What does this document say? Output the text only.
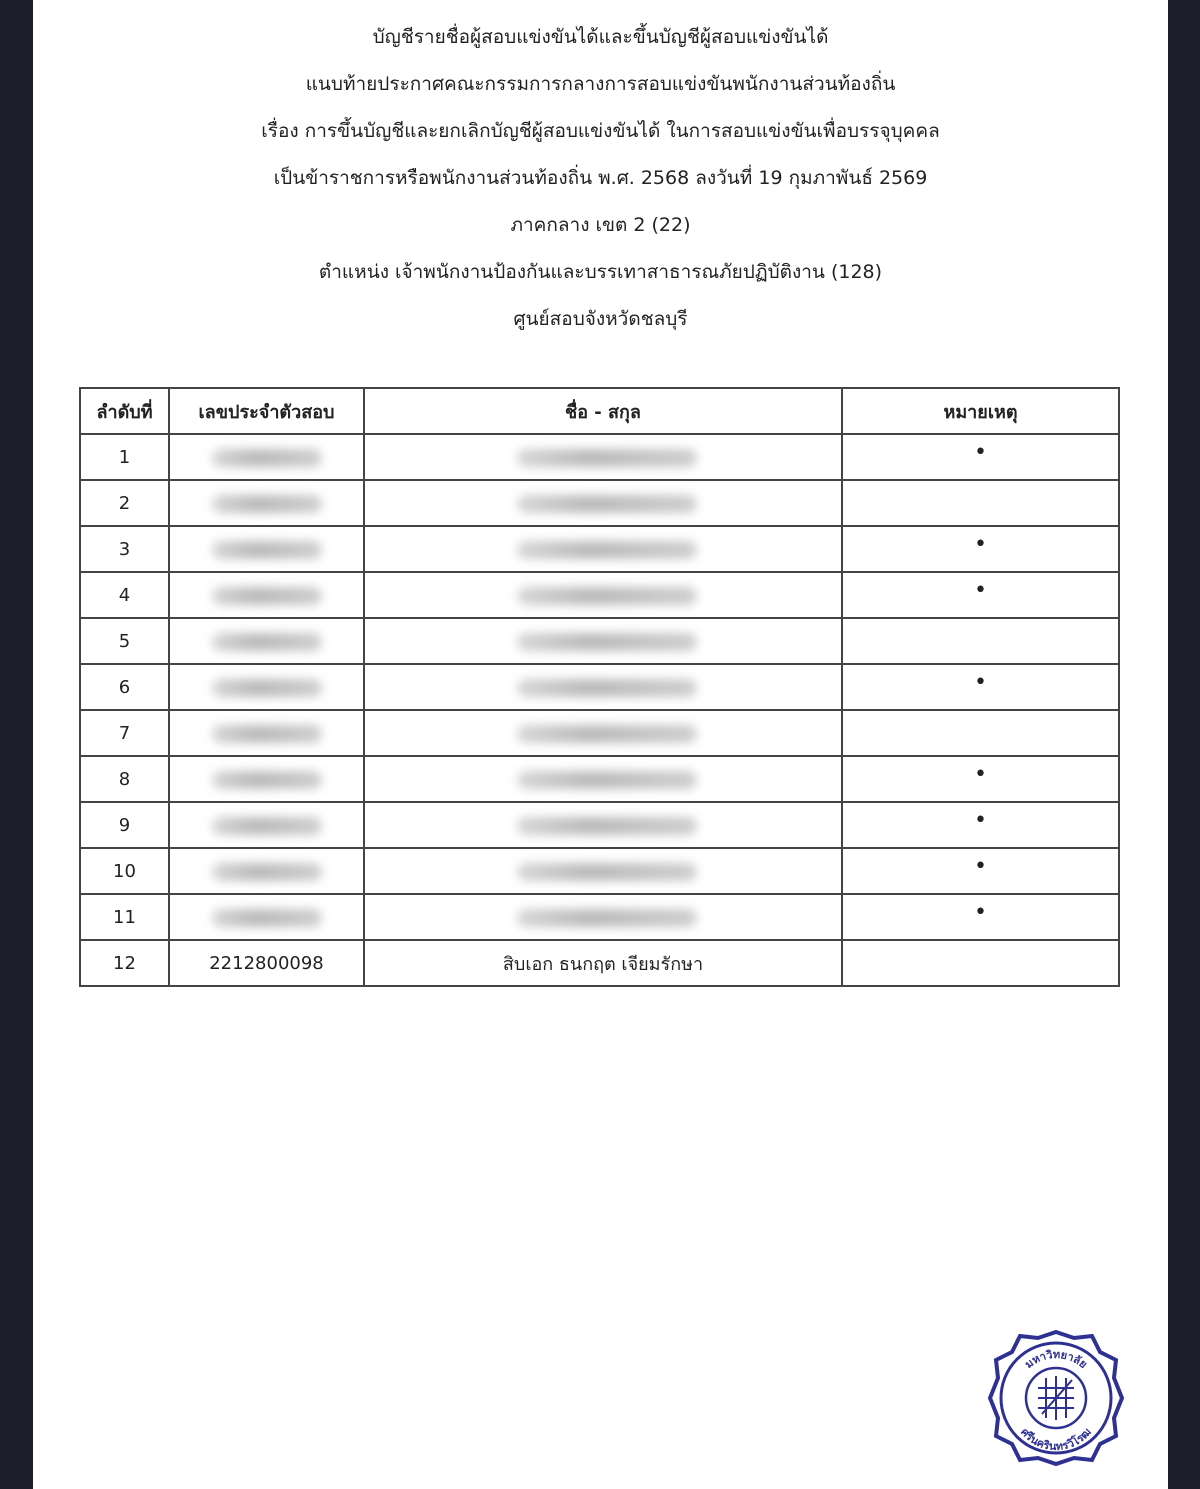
บัญชีรายชื่อผู้สอบแข่งขันได้และขึ้นบัญชีผู้สอบแข่งขันได้
แนบท้ายประกาศคณะกรรมการกลางการสอบแข่งขันพนักงานส่วนท้องถิ่น
เรื่อง การขึ้นบัญชีและยกเลิกบัญชีผู้สอบแข่งขันได้ ในการสอบแข่งขันเพื่อบรรจุบุคคล
เป็นข้าราชการหรือพนักงานส่วนท้องถิ่น พ.ศ. 2568 ลงวันที่ 19 กุมภาพันธ์ 2569
ภาคกลาง เขต 2 (22)
ตำแหน่ง เจ้าพนักงานป้องกันและบรรเทาสาธารณภัยปฏิบัติงาน (128)
ศูนย์สอบจังหวัดชลบุรี
ลำดับที่	เลขประจำตัวสอบ	ชื่อ - สกุล	หมายเหตุ
1			•
2			
3			•
4			•
5			
6			•
7			
8			•
9			•
10			•
11			•
12	2212800098	สิบเอก ธนกฤต เจียมรักษา	
มหาวิทยาลัย
ศรีนครินทรวิโรฒ
